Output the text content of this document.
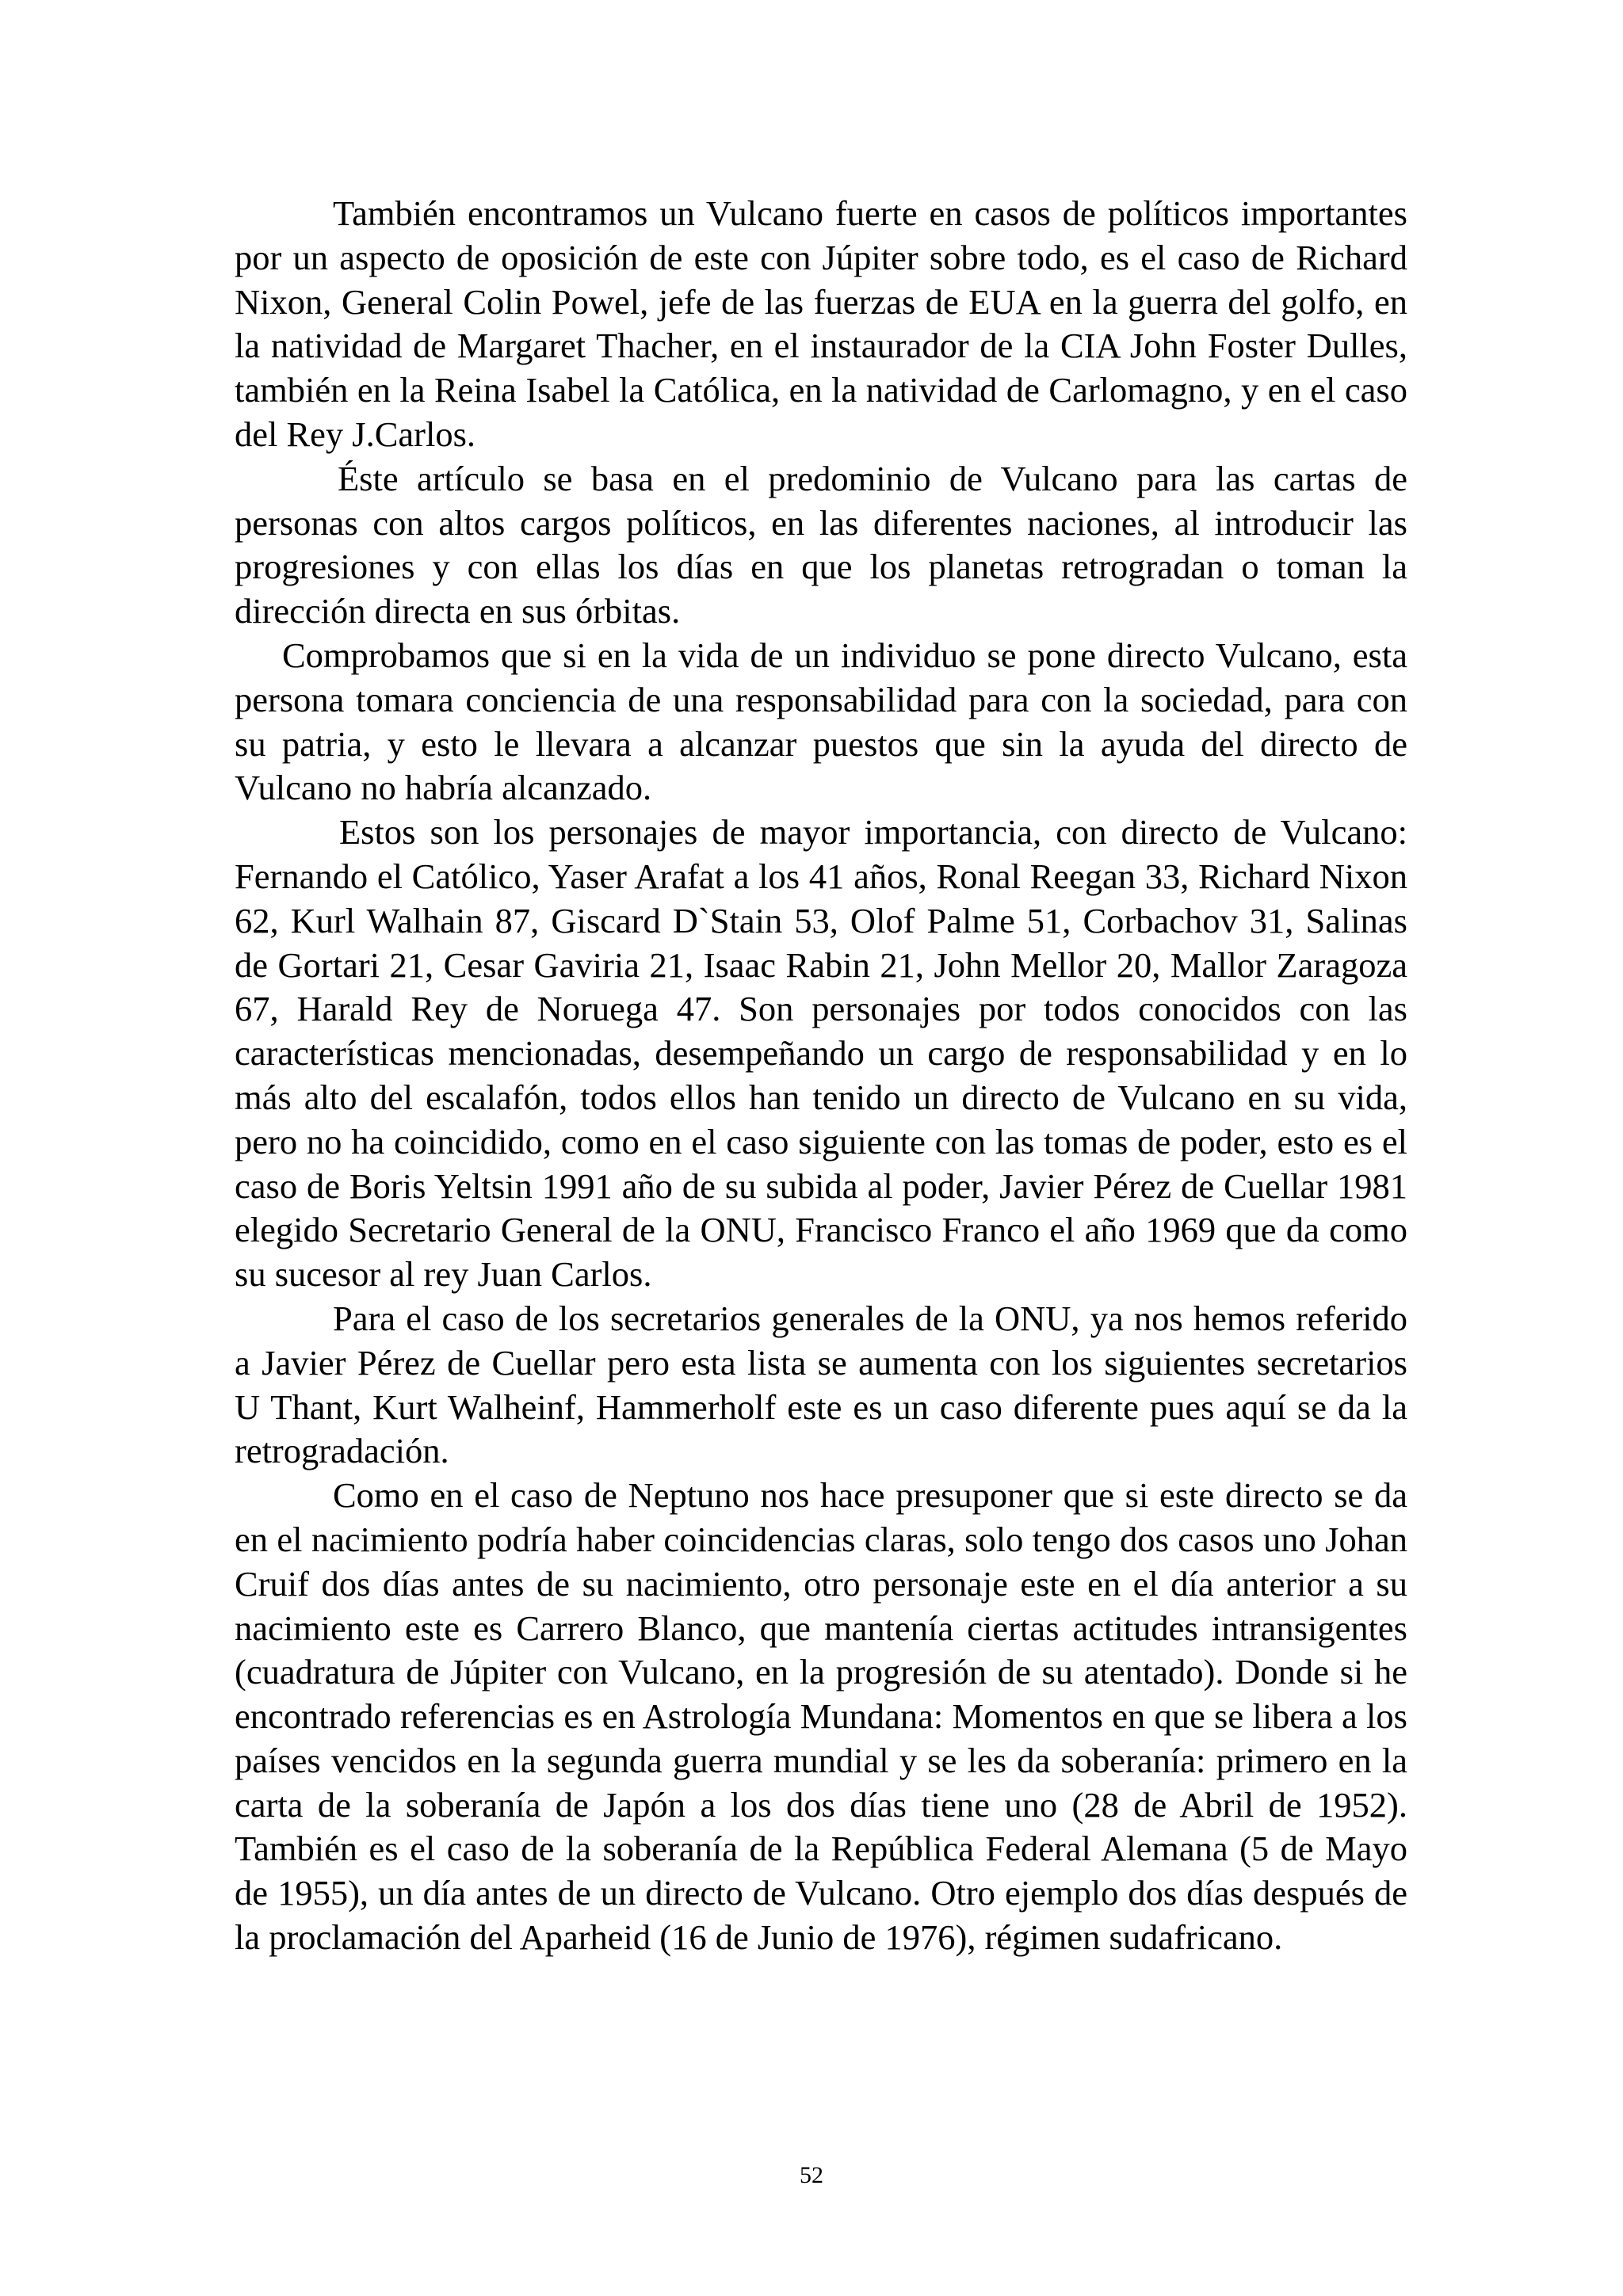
También encontramos un Vulcano fuerte en casos de políticos importantes por un aspecto de oposición de este con Júpiter sobre todo, es el caso de Richard Nixon, General Colin Powel, jefe de las fuerzas de EUA en la guerra del golfo, en la natividad de Margaret Thacher, en el instaurador de la CIA John Foster Dulles, también en la Reina Isabel la Católica, en la natividad de Carlomagno, y en el caso del Rey J.Carlos.

Éste artículo se basa en el predominio de Vulcano para las cartas de personas con altos cargos políticos, en las diferentes naciones, al introducir las progresiones y con ellas los días en que los planetas retrogradan o toman la dirección directa en sus órbitas.

Comprobamos que si en la vida de un individuo se pone directo Vulcano, esta persona tomara conciencia de una responsabilidad para con la sociedad, para con su patria, y esto le llevara a alcanzar puestos que sin la ayuda del directo de Vulcano no habría alcanzado.

Estos son los personajes de mayor importancia, con directo de Vulcano: Fernando el Católico, Yaser Arafat a los 41 años, Ronal Reegan 33, Richard Nixon 62, Kurl Walhain 87, Giscard D`Stain 53, Olof Palme 51, Corbachov 31, Salinas de Gortari 21, Cesar Gaviria 21, Isaac Rabin 21, John Mellor 20, Mallor Zaragoza 67, Harald Rey de Noruega 47. Son personajes por todos conocidos con las características mencionadas, desempeñando un cargo de responsabilidad y en lo más alto del escalafón, todos ellos han tenido un directo de Vulcano en su vida, pero no ha coincidido, como en el caso siguiente con las tomas de poder, esto es el caso de Boris Yeltsin 1991 año de su subida al poder, Javier Pérez de Cuellar 1981 elegido Secretario General de la ONU, Francisco Franco el año 1969 que da como su sucesor al rey Juan Carlos.

Para el caso de los secretarios generales de la ONU, ya nos hemos referido a Javier Pérez de Cuellar pero esta lista se aumenta con los siguientes secretarios U Thant, Kurt Walheinf, Hammerholf este es un caso diferente pues aquí se da la retrogradación.

Como en el caso de Neptuno nos hace presuponer que si este directo se da en el nacimiento podría haber coincidencias claras, solo tengo dos casos uno Johan Cruif dos días antes de su nacimiento, otro personaje este en el día anterior a su nacimiento este es Carrero Blanco, que mantenía ciertas actitudes intransigentes (cuadratura de Júpiter con Vulcano, en la progresión de su atentado). Donde si he encontrado referencias es en Astrología Mundana: Momentos en que se libera a los países vencidos en la segunda guerra mundial y se les da soberanía: primero en la carta de la soberanía de Japón a los dos días tiene uno (28 de Abril de 1952). También es el caso de la soberanía de la República Federal Alemana (5 de Mayo de 1955), un día antes de un directo de Vulcano. Otro ejemplo dos días después de la proclamación del Aparheid (16 de Junio de 1976), régimen sudafricano.

52
